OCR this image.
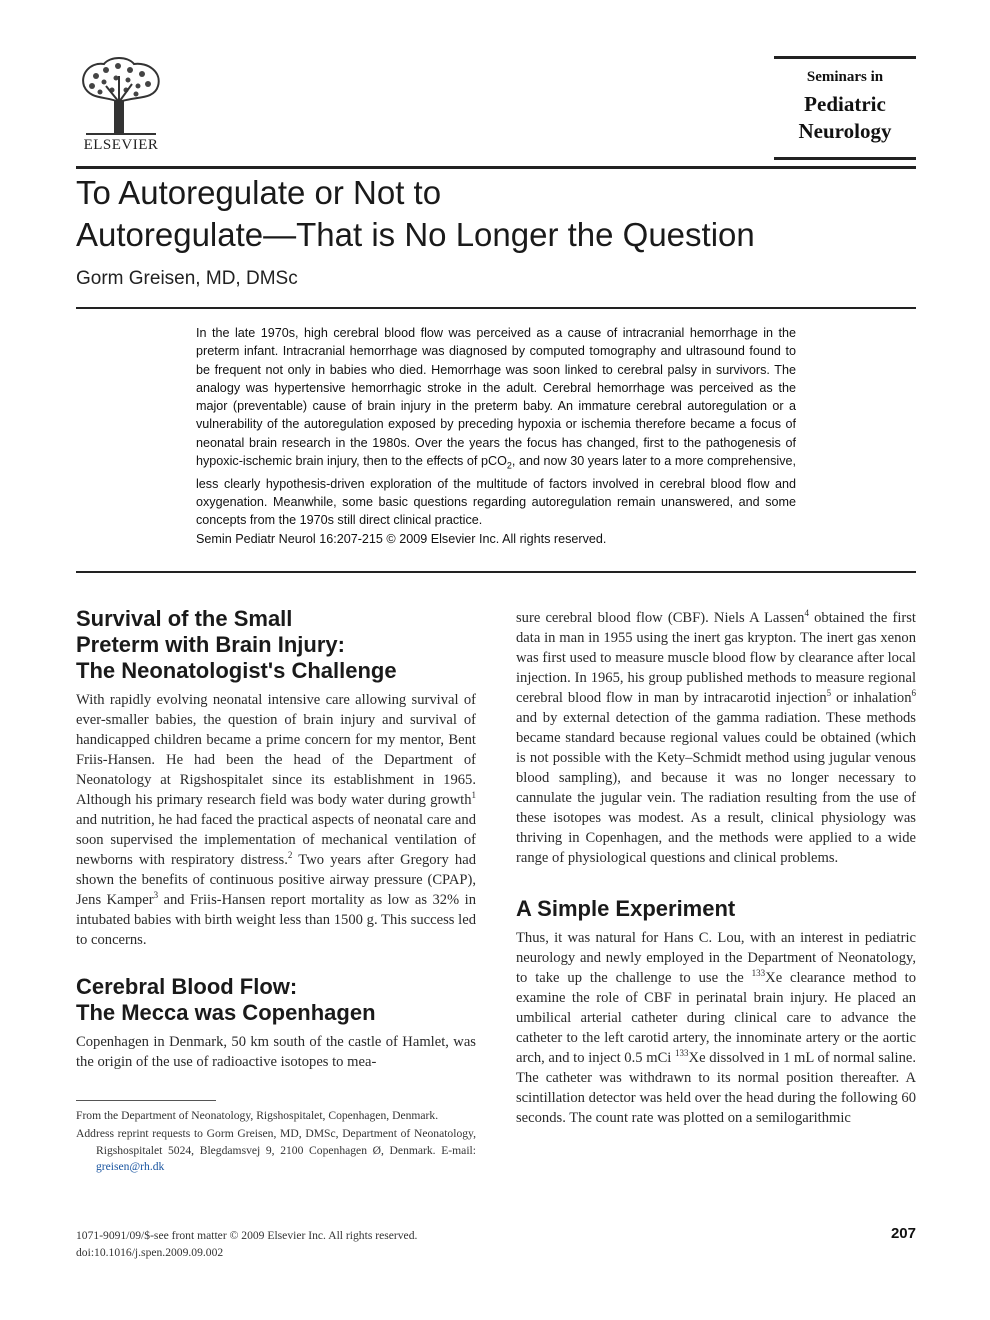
ELSEVIER
Seminars in
Pediatric
Neurology
To Autoregulate or Not to
Autoregulate—That is No Longer the Question
Gorm Greisen, MD, DMSc

In the late 1970s, high cerebral blood flow was perceived as a cause of intracranial hemorrhage in the preterm infant. Intracranial hemorrhage was diagnosed by computed tomography and ultrasound found to be frequent not only in babies who died. Hemorrhage was soon linked to cerebral palsy in survivors. The analogy was hypertensive hemorrhagic stroke in the adult. Cerebral hemorrhage was perceived as the major (preventable) cause of brain injury in the preterm baby. An immature cerebral autoregulation or a vulnerability of the autoregulation exposed by preceding hypoxia or ischemia therefore became a focus of neonatal brain research in the 1980s. Over the years the focus has changed, first to the pathogenesis of hypoxic-ischemic brain injury, then to the effects of pCO$_2$, and now 30 years later to a more comprehensive, less clearly hypothesis-driven exploration of the multitude of factors involved in cerebral blood flow and oxygenation. Meanwhile, some basic questions regarding autoregulation remain unanswered, and some concepts from the 1970s still direct clinical practice.

Semin Pediatr Neurol 16:207-215 © 2009 Elsevier Inc. All rights reserved.

Survival of the Small
Preterm with Brain Injury:
The Neonatologist's Challenge

With rapidly evolving neonatal intensive care allowing survival of ever-smaller babies, the question of brain injury and survival of handicapped children became a prime concern for my mentor, Bent Friis-Hansen. He had been the head of the Department of Neonatology at Rigshospitalet since its establishment in 1965. Although his primary research field was body water during growth$^1$ and nutrition, he had faced the practical aspects of neonatal care and soon supervised the implementation of mechanical ventilation of newborns with respiratory distress.$^2$ Two years after Gregory had shown the benefits of continuous positive airway pressure (CPAP), Jens Kamper$^3$ and Friis-Hansen report mortality as low as 32% in intubated babies with birth weight less than 1500 g. This success led to concerns.

Cerebral Blood Flow:
The Mecca was Copenhagen

Copenhagen in Denmark, 50 km south of the castle of Hamlet, was the origin of the use of radioactive isotopes to mea-

sure cerebral blood flow (CBF). Niels A Lassen$^4$ obtained the first data in man in 1955 using the inert gas krypton. The inert gas xenon was first used to measure muscle blood flow by clearance after local injection. In 1965, his group published methods to measure regional cerebral blood flow in man by intracarotid injection$^5$ or inhalation$^6$ and by external detection of the gamma radiation. These methods became standard because regional values could be obtained (which is not possible with the Kety–Schmidt method using jugular venous blood sampling), and because it was no longer necessary to cannulate the jugular vein. The radiation resulting from the use of these isotopes was modest. As a result, clinical physiology was thriving in Copenhagen, and the methods were applied to a wide range of physiological questions and clinical problems.

A Simple Experiment

Thus, it was natural for Hans C. Lou, with an interest in pediatric neurology and newly employed in the Department of Neonatology, to take up the challenge to use the $^{133}$Xe clearance method to examine the role of CBF in perinatal brain injury. He placed an umbilical arterial catheter during clinical care to advance the catheter to the left carotid artery, the innominate artery or the aortic arch, and to inject 0.5 mCi $^{133}$Xe dissolved in 1 mL of normal saline. The catheter was withdrawn to its normal position thereafter. A scintillation detector was held over the head during the following 60 seconds. The count rate was plotted on a semilogarithmic

From the Department of Neonatology, Rigshospitalet, Copenhagen, Denmark.

Address reprint requests to Gorm Greisen, MD, DMSc, Department of Neonatology, Rigshospitalet 5024, Blegdamsvej 9, 2100 Copenhagen Ø, Denmark. E-mail: greisen@rh.dk

1071-9091/09/$-see front matter © 2009 Elsevier Inc. All rights reserved.
doi:10.1016/j.spen.2009.09.002
207
